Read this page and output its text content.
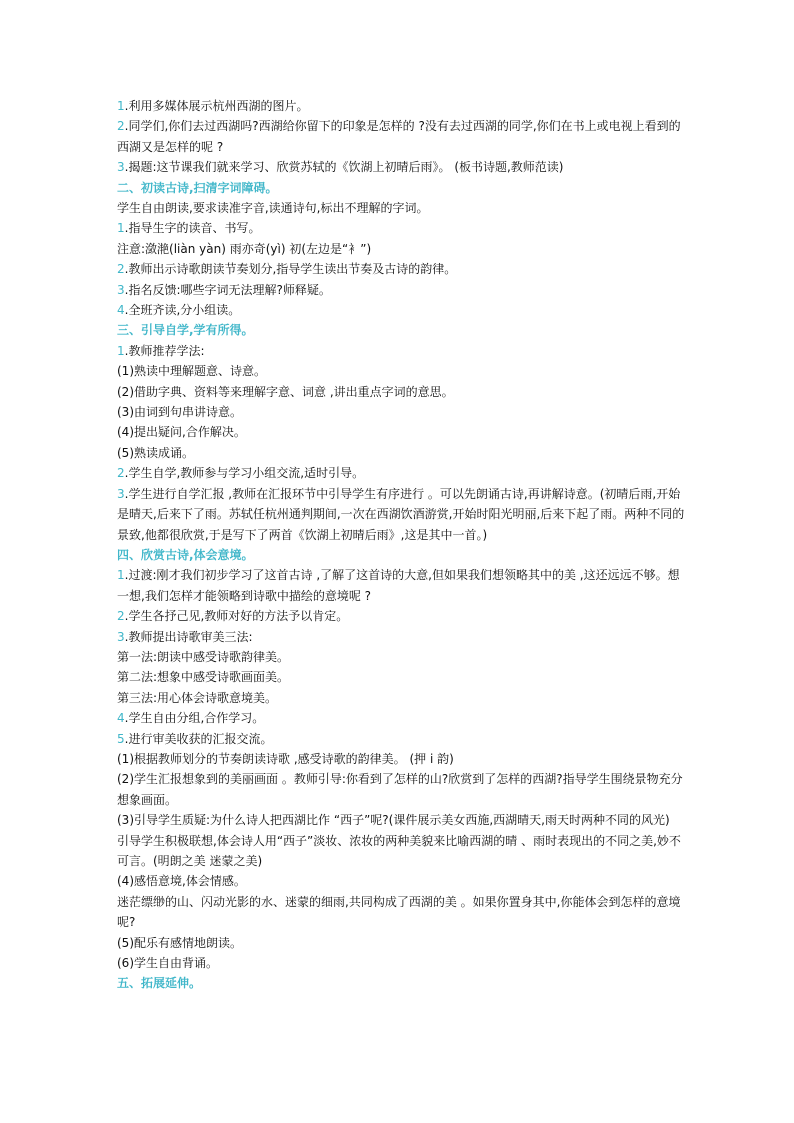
1.利用多媒体展示杭州西湖的图片。
2.同学们,你们去过西湖吗?西湖给你留下的印象是怎样的 ?没有去过西湖的同学,你们在书上或电视上看到的西湖又是怎样的呢 ?
3.揭题:这节课我们就来学习、欣赏苏轼的《饮湖上初晴后雨》。 (板书诗题,教师范读)
二、初读古诗,扫清字词障碍。
学生自由朗读,要求读准字音,读通诗句,标出不理解的字词。
1.指导生字的读音、书写。
注意:潋滟(liàn yàn) 雨亦奇(yì) 初(左边是“衤”)
2.教师出示诗歌朗读节奏划分,指导学生读出节奏及古诗的韵律。
3.指名反馈:哪些字词无法理解?师释疑。
4.全班齐读,分小组读。
三、引导自学,学有所得。
1.教师推荐学法:
(1)熟读中理解题意、诗意。
(2)借助字典、资料等来理解字意、词意 ,讲出重点字词的意思。
(3)由词到句串讲诗意。
(4)提出疑问,合作解决。
(5)熟读成诵。
2.学生自学,教师参与学习小组交流,适时引导。
3.学生进行自学汇报 ,教师在汇报环节中引导学生有序进行 。可以先朗诵古诗,再讲解诗意。(初晴后雨,开始是晴天,后来下了雨。苏轼任杭州通判期间,一次在西湖饮酒游赏,开始时阳光明丽,后来下起了雨。两种不同的景致,他都很欣赏,于是写下了两首《饮湖上初晴后雨》,这是其中一首。)
四、欣赏古诗,体会意境。
1.过渡:刚才我们初步学习了这首古诗 ,了解了这首诗的大意,但如果我们想领略其中的美 ,这还远远不够。想一想,我们怎样才能领略到诗歌中描绘的意境呢 ?
2.学生各抒己见,教师对好的方法予以肯定。
3.教师提出诗歌审美三法:
第一法:朗读中感受诗歌韵律美。
第二法:想象中感受诗歌画面美。
第三法:用心体会诗歌意境美。
4.学生自由分组,合作学习。
5.进行审美收获的汇报交流。
(1)根据教师划分的节奏朗读诗歌 ,感受诗歌的韵律美。 (押 i 韵)
(2)学生汇报想象到的美丽画面 。教师引导:你看到了怎样的山?欣赏到了怎样的西湖?指导学生围绕景物充分想象画面。
(3)引导学生质疑:为什么诗人把西湖比作 “西子”呢?(课件展示美女西施,西湖晴天,雨天时两种不同的风光)
引导学生积极联想,体会诗人用“西子”淡妆、浓妆的两种美貌来比喻西湖的晴 、雨时表现出的不同之美,妙不可言。(明朗之美 迷蒙之美)
(4)感悟意境,体会情感。
迷茫缥缈的山、闪动光影的水、迷蒙的细雨,共同构成了西湖的美 。如果你置身其中,你能体会到怎样的意境呢?
(5)配乐有感情地朗读。
(6)学生自由背诵。
五、拓展延伸。
